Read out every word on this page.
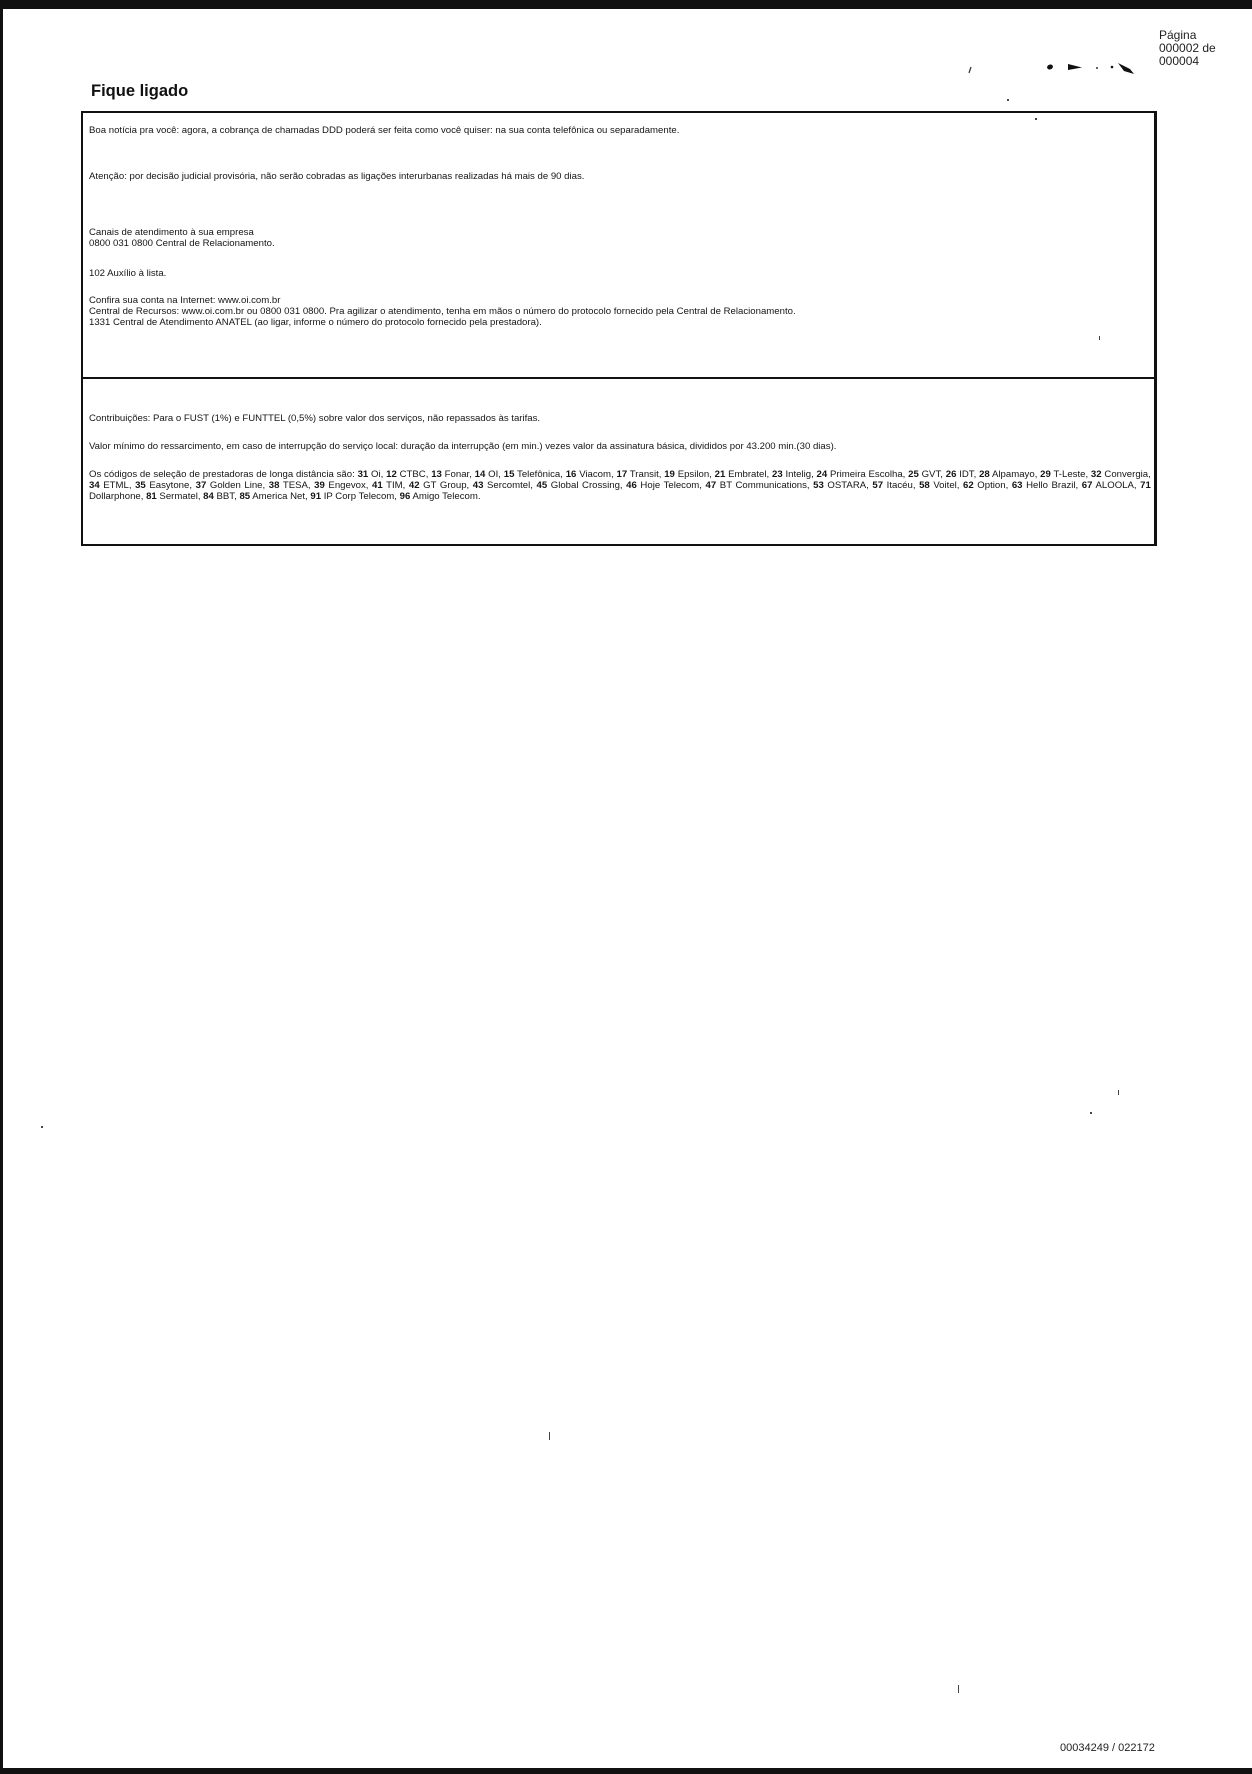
Página
000002 de
000004
Fique ligado

Boa notícia pra você: agora, a cobrança de chamadas DDD poderá ser feita como você quiser: na sua conta telefônica ou separadamente.

Atenção: por decisão judicial provisória, não serão cobradas as ligações interurbanas realizadas há mais de 90 dias.

Canais de atendimento à sua empresa

0800 031 0800 Central de Relacionamento.

102 Auxílio à lista.

Confira sua conta na Internet: www.oi.com.br

Central de Recursos: www.oi.com.br ou 0800 031 0800. Pra agilizar o atendimento, tenha em mãos o número do protocolo fornecido pela Central de Relacionamento.

1331 Central de Atendimento ANATEL (ao ligar, informe o número do protocolo fornecido pela prestadora).

Contribuições: Para o FUST (1%) e FUNTTEL (0,5%) sobre valor dos serviços, não repassados às tarifas.

Valor mínimo do ressarcimento, em caso de interrupção do serviço local: duração da interrupção (em min.) vezes valor da assinatura básica, divididos por 43.200 min.(30 dias).

Os códigos de seleção de prestadoras de longa distância são: 31 Oi, 12 CTBC, 13 Fonar, 14 OI, 15 Telefônica, 16 Viacom, 17 Transit, 19 Epsilon, 21 Embratel, 23 Intelig, 24 Primeira Escolha, 25 GVT, 26 IDT, 28 Alpamayo, 29 T-Leste, 32 Convergia, 34 ETML, 35 Easytone, 37 Golden Line, 38 TESA, 39 Engevox, 41 TIM, 42 GT Group, 43 Sercomtel, 45 Global Crossing, 46 Hoje Telecom, 47 BT Communications, 53 OSTARA, 57 Itacéu, 58 Voitel, 62 Option, 63 Hello Brazil, 67 ALOOLA, 71 Dollarphone, 81 Sermatel, 84 BBT, 85 America Net, 91 IP Corp Telecom, 96 Amigo Telecom.

00034249 / 022172
